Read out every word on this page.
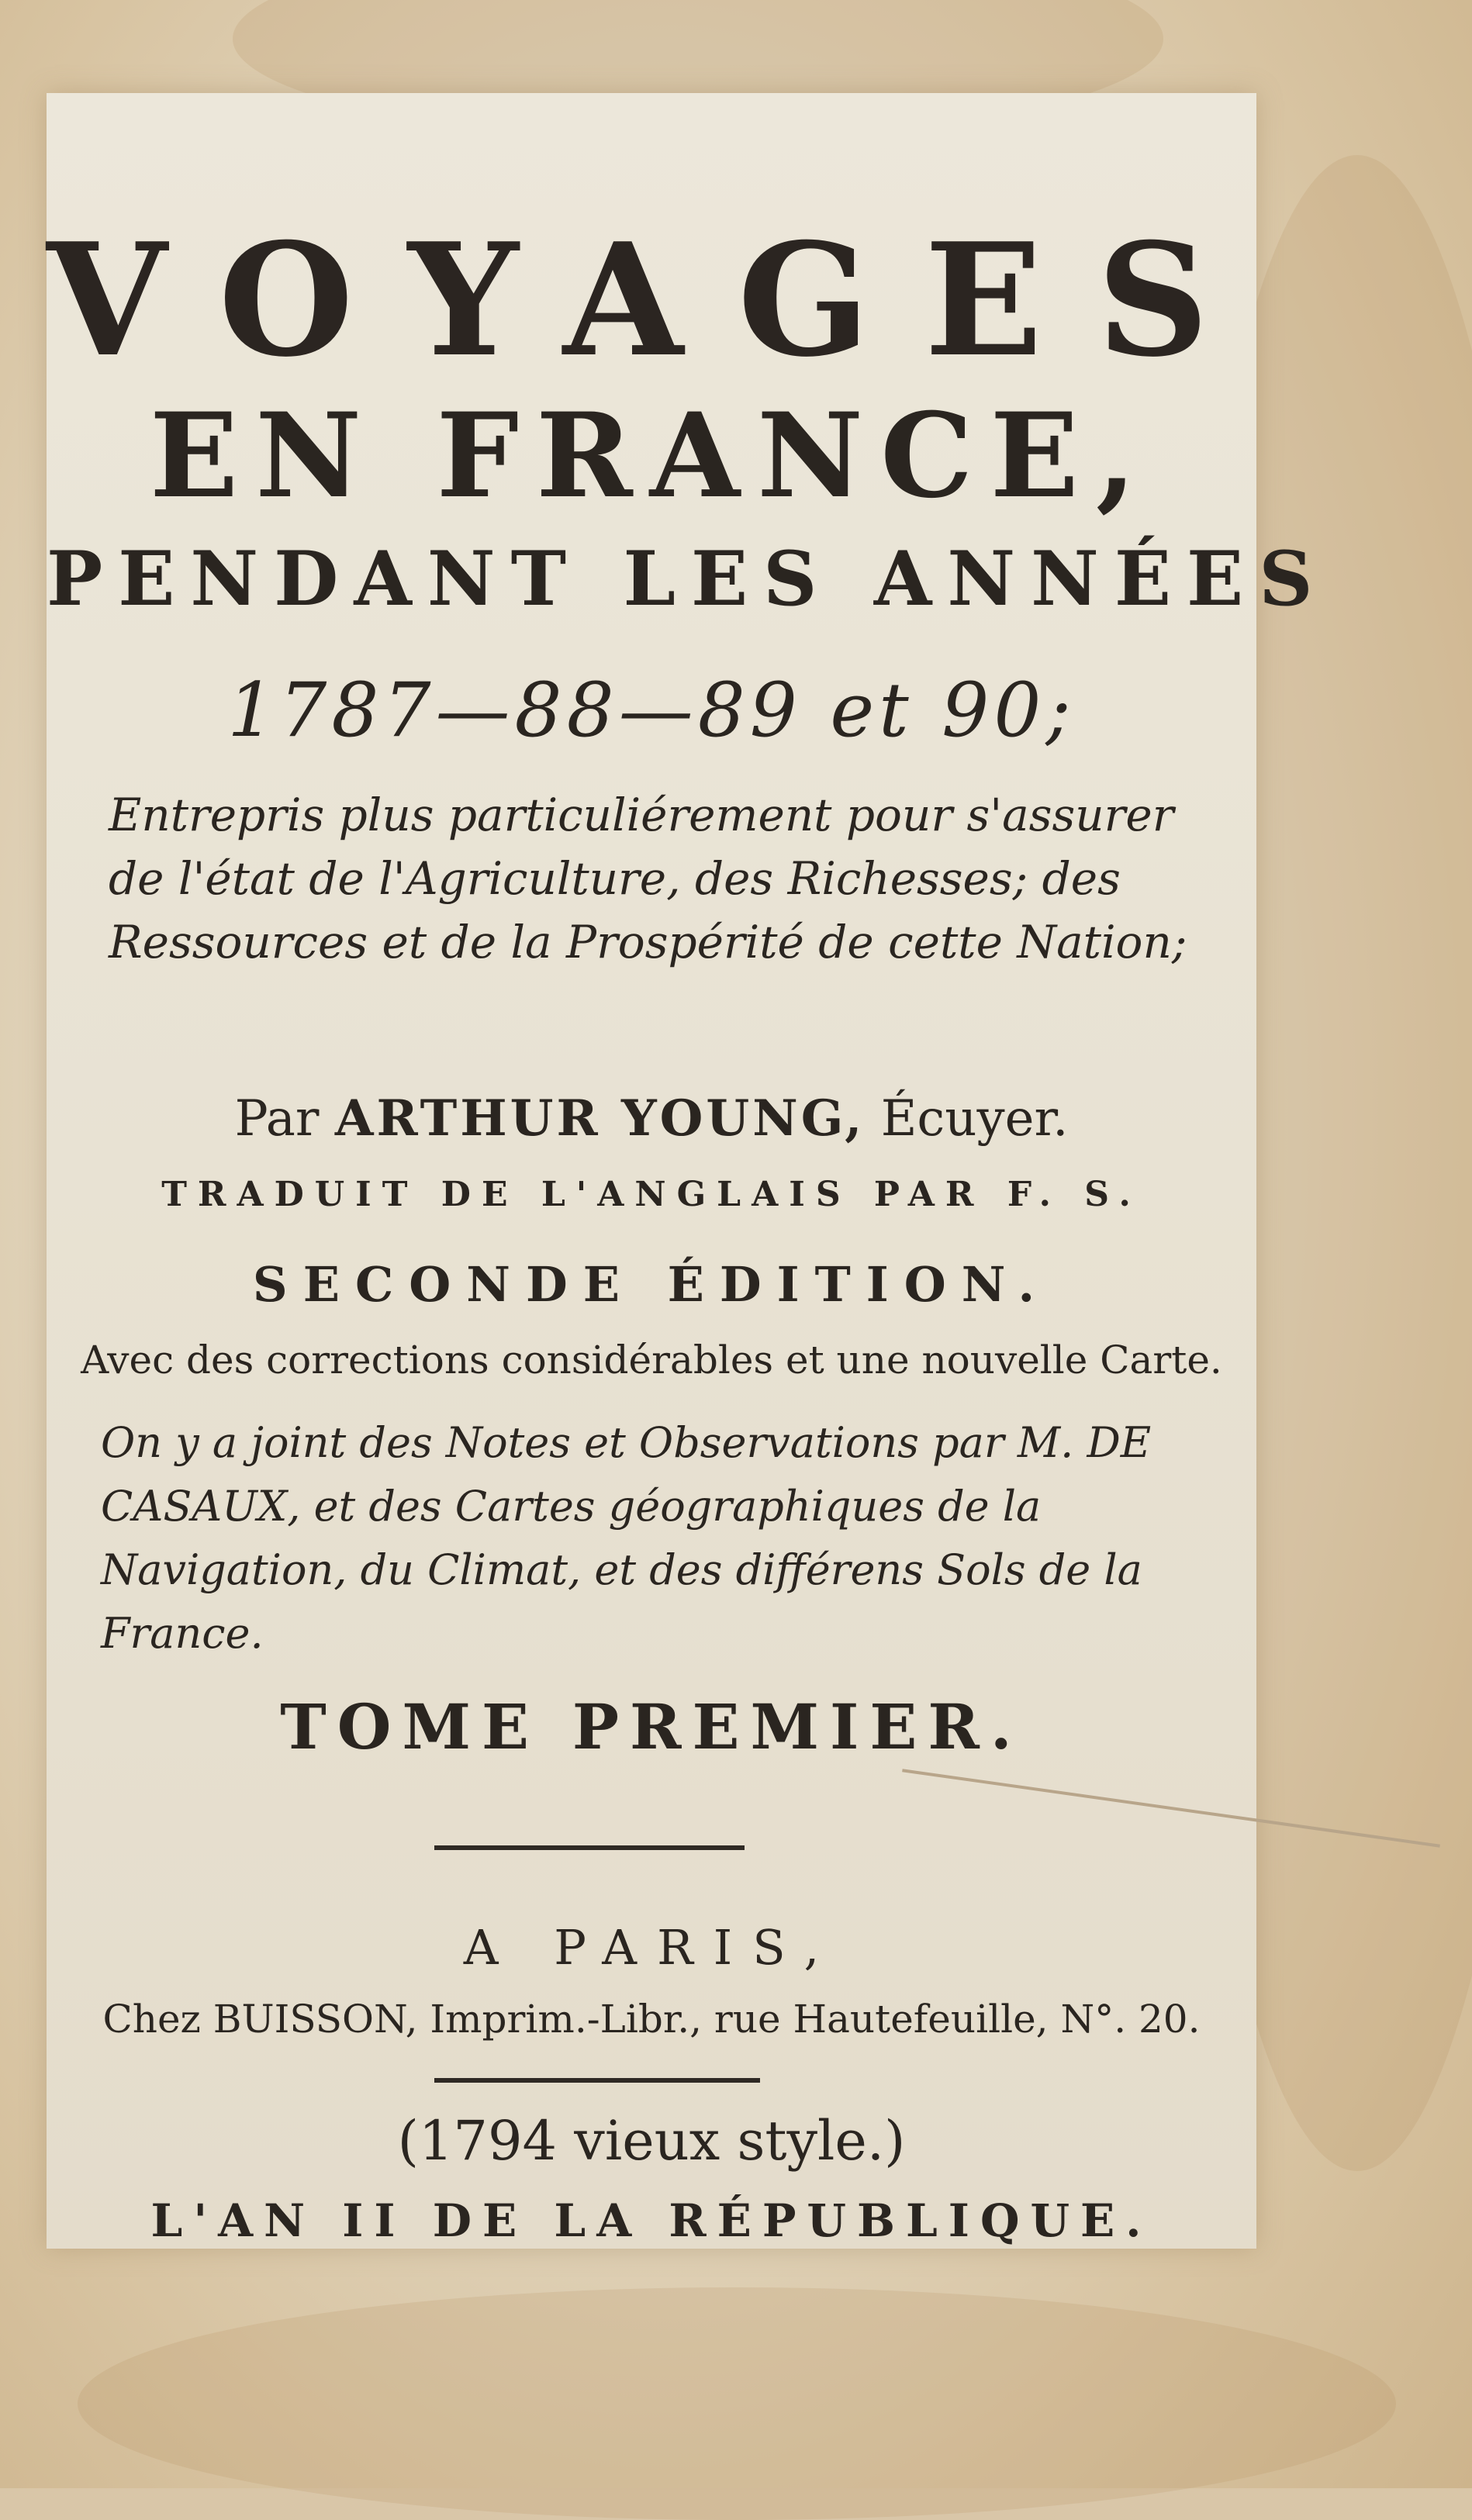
VOYAGES
EN FRANCE,
PENDANT LES ANNÉES
1787—88—89 et 90;
Entrepris plus particuliérement pour s'assurer de l'état de l'Agriculture, des Richesses; des Ressources et de la Prospérité de cette Nation;
Par ARTHUR YOUNG, Écuyer.
TRADUIT DE L'ANGLAIS PAR F. S.
SECONDE ÉDITION.
Avec des corrections considérables et une nouvelle Carte.
On y a joint des Notes et Observations par M. DE CASAUX, et des Cartes géographiques de la Navigation, du Climat, et des différens Sols de la France.
TOME PREMIER.
A PARIS,
Chez BUISSON, Imprim.-Libr., rue Hautefeuille, N°. 20.
(1794 vieux style.)
L'AN II DE LA RÉPUBLIQUE.
